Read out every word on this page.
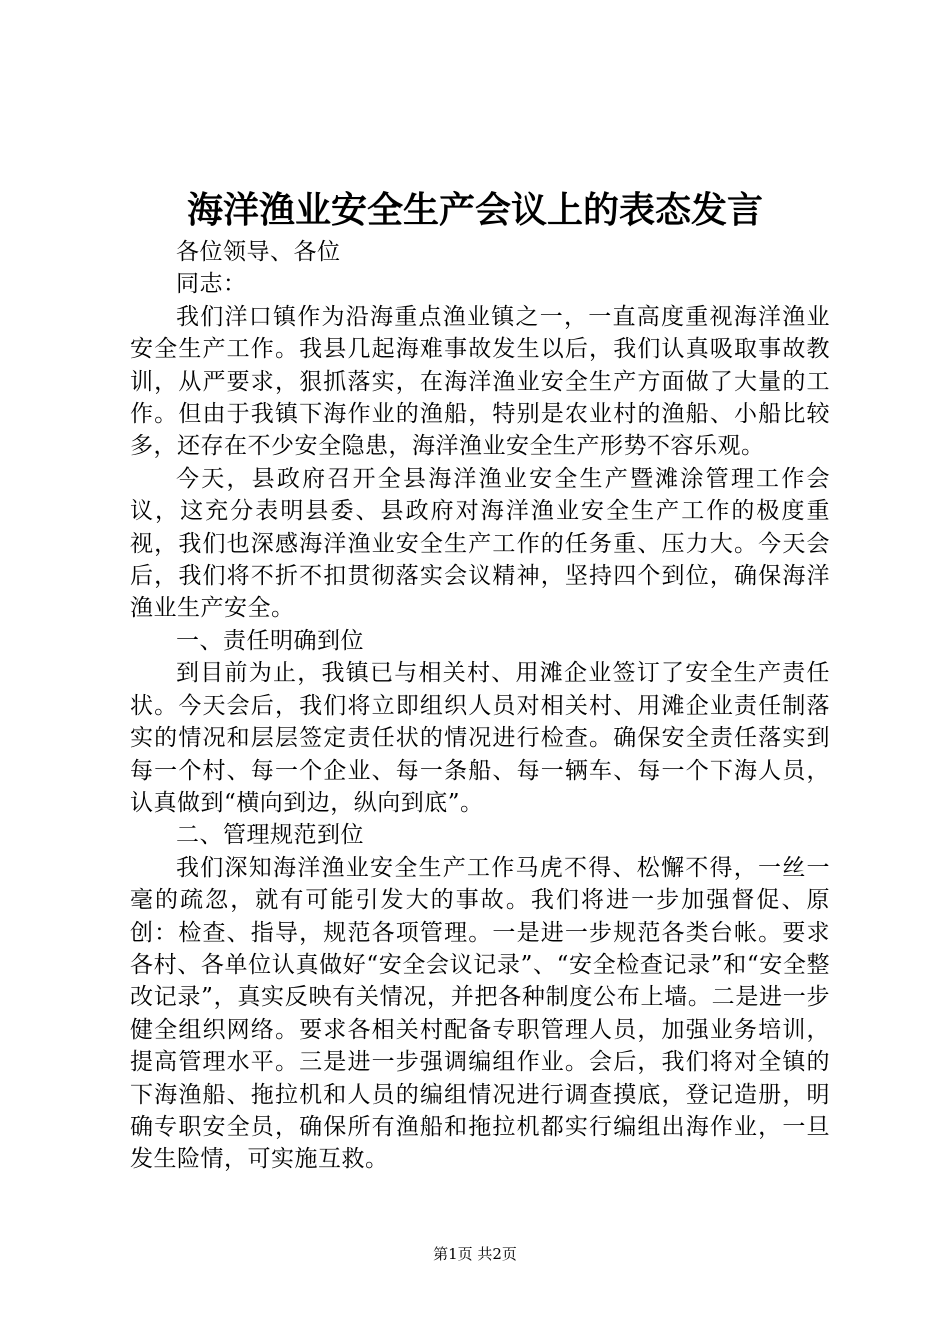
海洋渔业安全生产会议上的表态发言

各位领导、各位

同志：

我们洋口镇作为沿海重点渔业镇之一，一直高度重视海洋渔业安全生产工作。我县几起海难事故发生以后，我们认真吸取事故教训，从严要求，狠抓落实，在海洋渔业安全生产方面做了大量的工作。但由于我镇下海作业的渔船，特别是农业村的渔船、小船比较多，还存在不少安全隐患，海洋渔业安全生产形势不容乐观。

今天，县政府召开全县海洋渔业安全生产暨滩涂管理工作会议，这充分表明县委、县政府对海洋渔业安全生产工作的极度重视，我们也深感海洋渔业安全生产工作的任务重、压力大。今天会后，我们将不折不扣贯彻落实会议精神，坚持四个到位，确保海洋渔业生产安全。

一、责任明确到位

到目前为止，我镇已与相关村、用滩企业签订了安全生产责任状。今天会后，我们将立即组织人员对相关村、用滩企业责任制落实的情况和层层签定责任状的情况进行检查。确保安全责任落实到每一个村、每一个企业、每一条船、每一辆车、每一个下海人员，认真做到“横向到边，纵向到底”。

二、管理规范到位

我们深知海洋渔业安全生产工作马虎不得、松懈不得，一丝一毫的疏忽，就有可能引发大的事故。我们将进一步加强督促、原创：检查、指导，规范各项管理。一是进一步规范各类台帐。要求各村、各单位认真做好“安全会议记录”、“安全检查记录”和“安全整改记录”，真实反映有关情况，并把各种制度公布上墙。二是进一步健全组织网络。要求各相关村配备专职管理人员，加强业务培训，提高管理水平。三是进一步强调编组作业。会后，我们将对全镇的下海渔船、拖拉机和人员的编组情况进行调查摸底，登记造册，明确专职安全员，确保所有渔船和拖拉机都实行编组出海作业，一旦发生险情，可实施互救。

第1页 共2页
